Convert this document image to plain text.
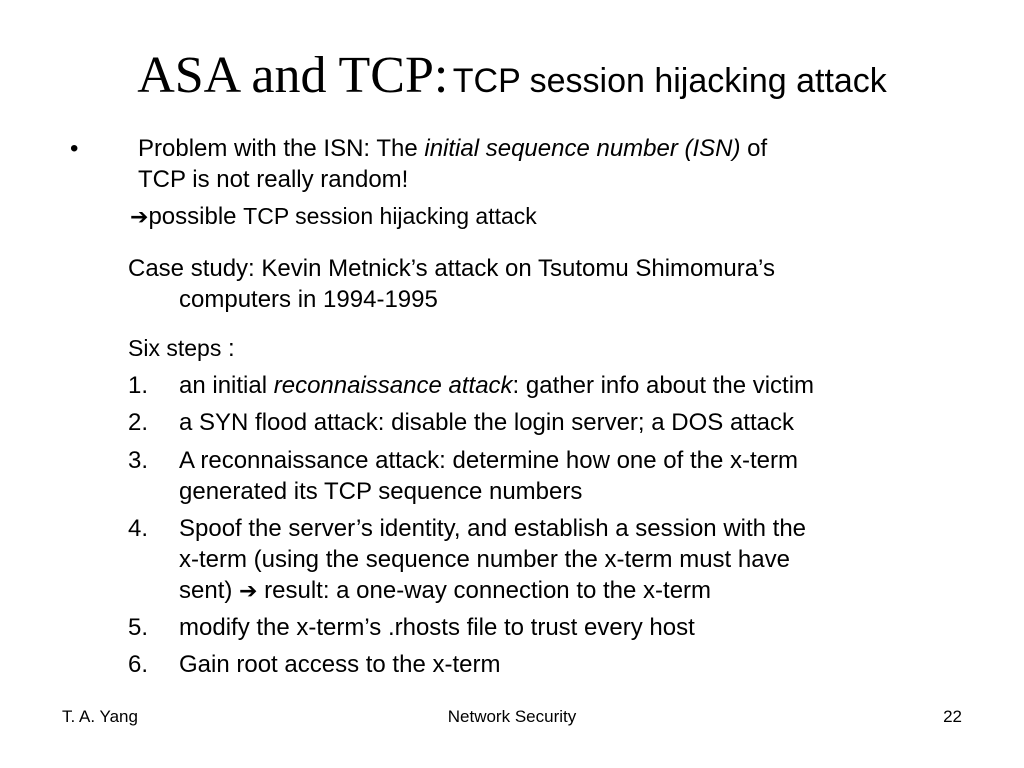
ASA and TCP: TCP session hijacking attack
• Problem with the ISN: The initial sequence number (ISN) of
TCP is not really random!
➔possible TCP session hijacking attack
Case study: Kevin Metnick’s attack on Tsutomu Shimomura’s
computers in 1994-1995
Six steps :
1. an initial reconnaissance attack: gather info about the victim
2. a SYN flood attack: disable the login server; a DOS attack
3. A reconnaissance attack: determine how one of the x-term
generated its TCP sequence numbers
4. Spoof the server’s identity, and establish a session with the
x-term (using the sequence number the x-term must have
sent) ➔ result: a one-way connection to the x-term
5. modify the x-term’s .rhosts file to trust every host
6. Gain root access to the x-term
T. A. Yang	Network Security	22
